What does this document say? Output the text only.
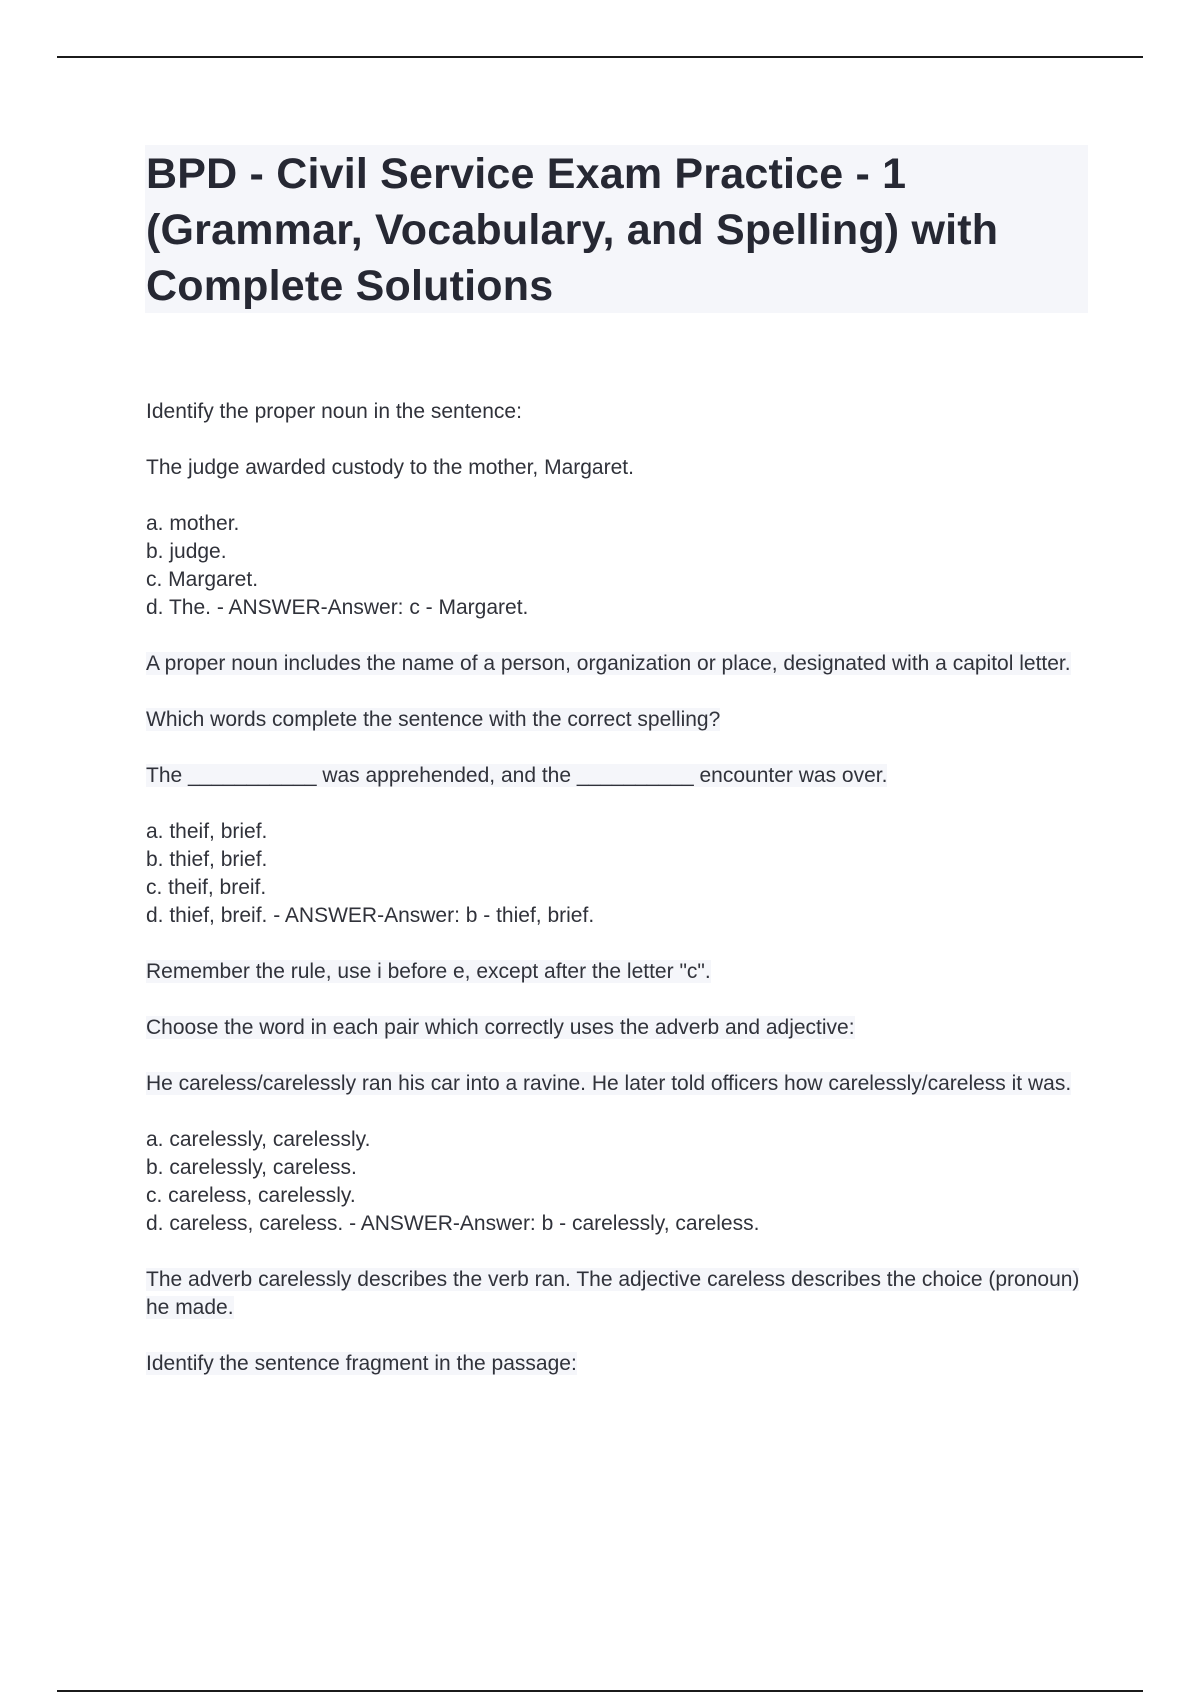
BPD - Civil Service Exam Practice - 1 (Grammar, Vocabulary, and Spelling) with Complete Solutions

Identify the proper noun in the sentence:

The judge awarded custody to the mother, Margaret.

a. mother.
b. judge.
c. Margaret.
d. The. - ANSWER-Answer: c - Margaret.

A proper noun includes the name of a person, organization or place, designated with a capitol letter.

Which words complete the sentence with the correct spelling?

The ___________ was apprehended, and the __________ encounter was over.

a. theif, brief.
b. thief, brief.
c. theif, breif.
d. thief, breif. - ANSWER-Answer: b - thief, brief.

Remember the rule, use i before e, except after the letter "c".

Choose the word in each pair which correctly uses the adverb and adjective:

He careless/carelessly ran his car into a ravine. He later told officers how carelessly/careless it was.

a. carelessly, carelessly.
b. carelessly, careless.
c. careless, carelessly.
d. careless, careless. - ANSWER-Answer: b - carelessly, careless.

The adverb carelessly describes the verb ran. The adjective careless describes the choice (pronoun) he made.

Identify the sentence fragment in the passage:
